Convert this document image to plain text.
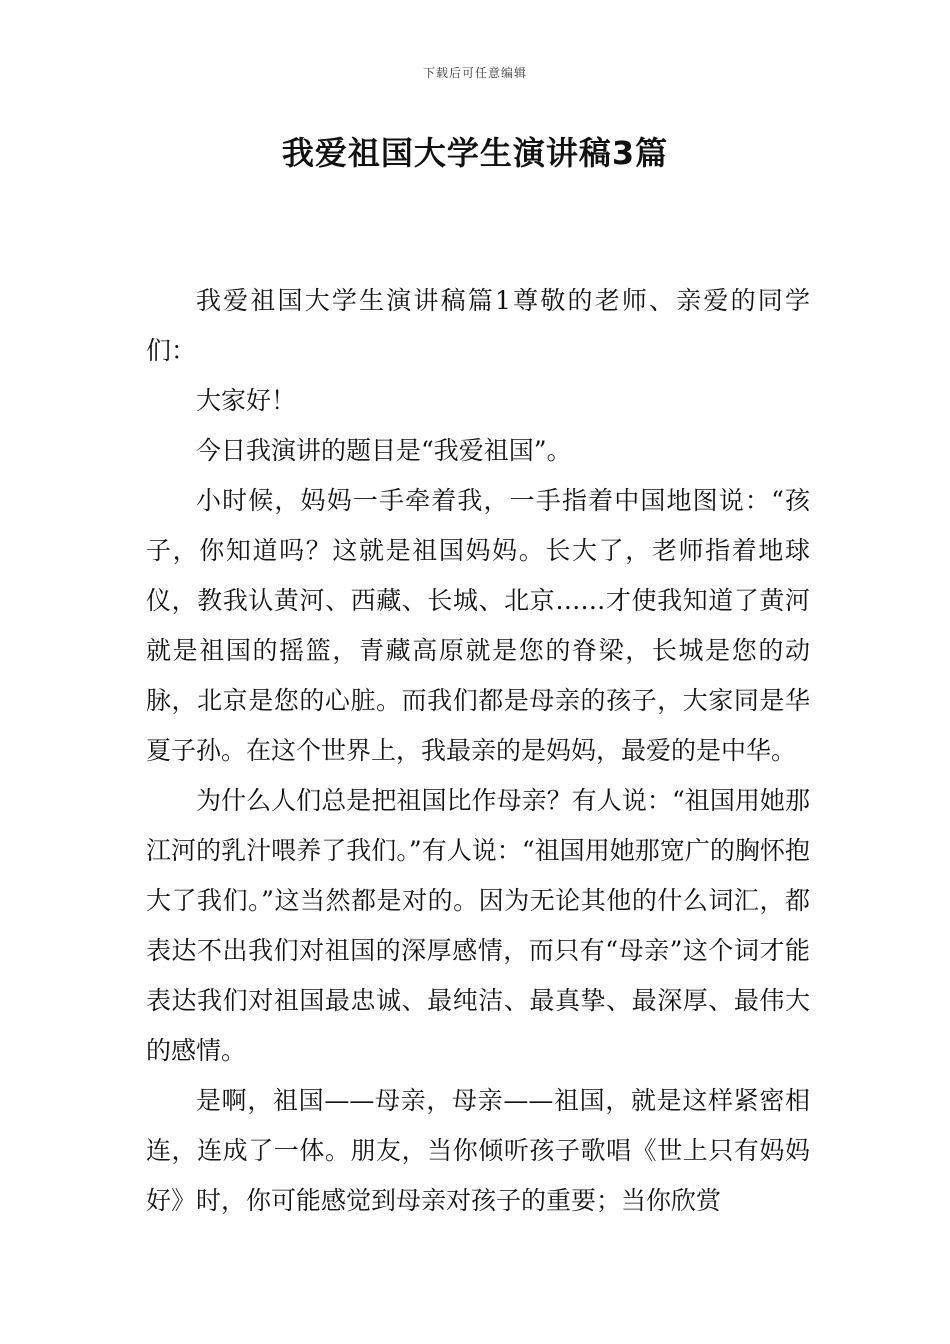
下载后可任意编辑
我爱祖国大学生演讲稿3篇

我爱祖国大学生演讲稿篇1尊敬的老师、亲爱的同学们：

大家好！

今日我演讲的题目是“我爱祖国”。

小时候，妈妈一手牵着我，一手指着中国地图说：“孩子，你知道吗？这就是祖国妈妈。长大了，老师指着地球仪，教我认黄河、西藏、长城、北京……才使我知道了黄河就是祖国的摇篮，青藏高原就是您的脊梁，长城是您的动脉，北京是您的心脏。而我们都是母亲的孩子，大家同是华夏子孙。在这个世界上，我最亲的是妈妈，最爱的是中华。

为什么人们总是把祖国比作母亲？有人说：“祖国用她那江河的乳汁喂养了我们。”有人说：“祖国用她那宽广的胸怀抱大了我们。”这当然都是对的。因为无论其他的什么词汇，都表达不出我们对祖国的深厚感情，而只有“母亲”这个词才能表达我们对祖国最忠诚、最纯洁、最真挚、最深厚、最伟大的感情。

是啊，祖国——母亲，母亲——祖国，就是这样紧密相连，连成了一体。朋友，当你倾听孩子歌唱《世上只有妈妈好》时，你可能感觉到母亲对孩子的重要；当你欣赏
